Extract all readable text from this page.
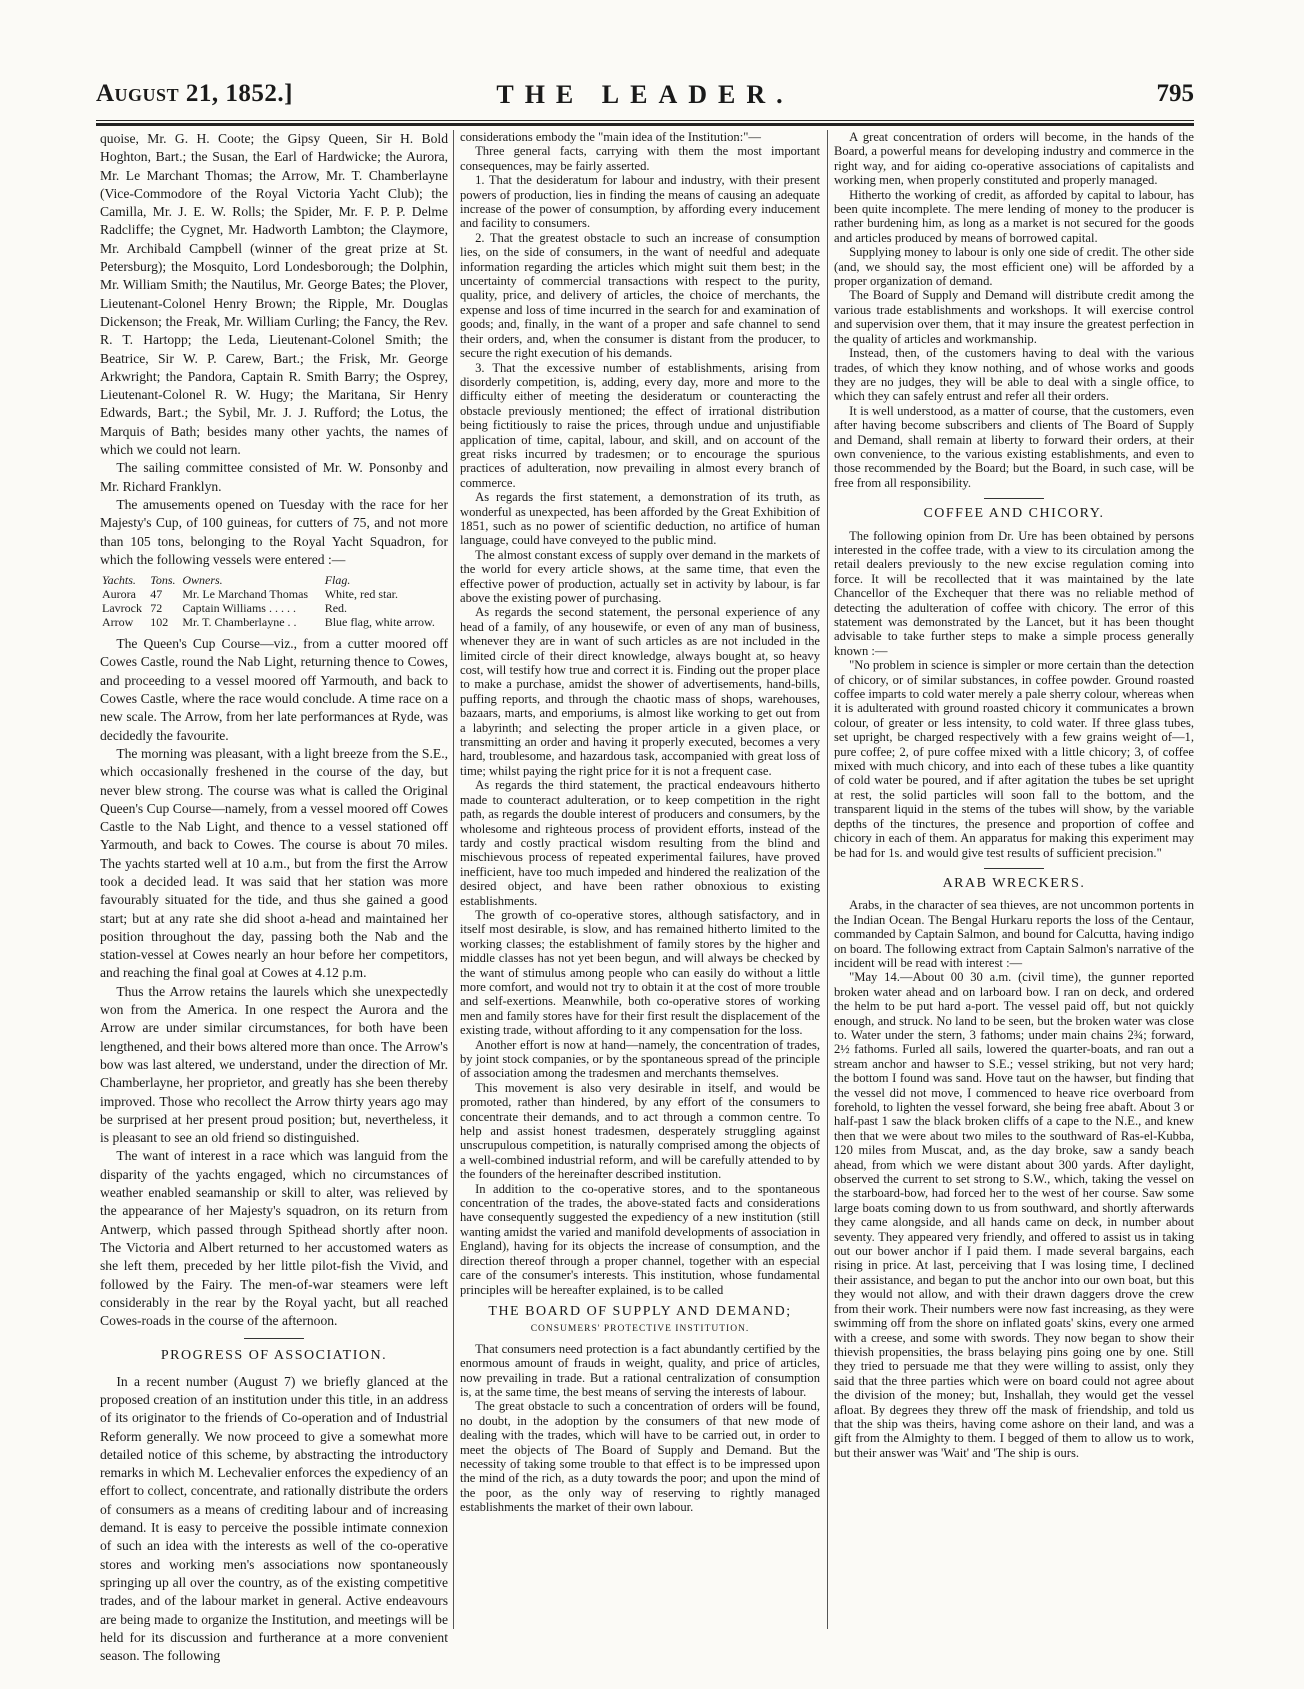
August 21, 1852.]	THE LEADER.	795

quoise, Mr. G. H. Coote; the Gipsy Queen, Sir H. Bold Hoghton, Bart.; the Susan, the Earl of Hardwicke; the Aurora, Mr. Le Marchant Thomas; the Arrow, Mr. T. Chamberlayne (Vice-Commodore of the Royal Victoria Yacht Club); the Camilla, Mr. J. E. W. Rolls; the Spider, Mr. F. P. P. Delme Radcliffe; the Cygnet, Mr. Hadworth Lambton; the Claymore, Mr. Archibald Campbell (winner of the great prize at St. Petersburg); the Mosquito, Lord Londesborough; the Dolphin, Mr. William Smith; the Nautilus, Mr. George Bates; the Plover, Lieutenant-Colonel Henry Brown; the Ripple, Mr. Douglas Dickenson; the Freak, Mr. William Curling; the Fancy, the Rev. R. T. Hartopp; the Leda, Lieutenant-Colonel Smith; the Beatrice, Sir W. P. Carew, Bart.; the Frisk, Mr. George Arkwright; the Pandora, Captain R. Smith Barry; the Osprey, Lieutenant-Colonel R. W. Hugy; the Maritana, Sir Henry Edwards, Bart.; the Sybil, Mr. J. J. Rufford; the Lotus, the Marquis of Bath; besides many other yachts, the names of which we could not learn.

The sailing committee consisted of Mr. W. Ponsonby and Mr. Richard Franklyn.

The amusements opened on Tuesday with the race for her Majesty's Cup, of 100 guineas, for cutters of 75, and not more than 105 tons, belonging to the Royal Yacht Squadron, for which the following vessels were entered :—

Yachts.	Tons.	Owners.	Flag.
Aurora	47	Mr. Le Marchand Thomas	White, red star.
Lavrock	72	Captain Williams . . . . .	Red.
Arrow	102	Mr. T. Chamberlayne . .	Blue flag, white arrow.

The Queen's Cup Course—viz., from a cutter moored off Cowes Castle, round the Nab Light, returning thence to Cowes, and proceeding to a vessel moored off Yarmouth, and back to Cowes Castle, where the race would conclude. A time race on a new scale. The Arrow, from her late performances at Ryde, was decidedly the favourite.

The morning was pleasant, with a light breeze from the S.E., which occasionally freshened in the course of the day, but never blew strong. The course was what is called the Original Queen's Cup Course—namely, from a vessel moored off Cowes Castle to the Nab Light, and thence to a vessel stationed off Yarmouth, and back to Cowes. The course is about 70 miles. The yachts started well at 10 a.m., but from the first the Arrow took a decided lead. It was said that her station was more favourably situated for the tide, and thus she gained a good start; but at any rate she did shoot a-head and maintained her position throughout the day, passing both the Nab and the station-vessel at Cowes nearly an hour before her competitors, and reaching the final goal at Cowes at 4.12 p.m.

Thus the Arrow retains the laurels which she unexpectedly won from the America. In one respect the Aurora and the Arrow are under similar circumstances, for both have been lengthened, and their bows altered more than once. The Arrow's bow was last altered, we understand, under the direction of Mr. Chamberlayne, her proprietor, and greatly has she been thereby improved. Those who recollect the Arrow thirty years ago may be surprised at her present proud position; but, nevertheless, it is pleasant to see an old friend so distinguished.

The want of interest in a race which was languid from the disparity of the yachts engaged, which no circumstances of weather enabled seamanship or skill to alter, was relieved by the appearance of her Majesty's squadron, on its return from Antwerp, which passed through Spithead shortly after noon. The Victoria and Albert returned to her accustomed waters as she left them, preceded by her little pilot-fish the Vivid, and followed by the Fairy. The men-of-war steamers were left considerably in the rear by the Royal yacht, but all reached Cowes-roads in the course of the afternoon.

PROGRESS OF ASSOCIATION.

In a recent number (August 7) we briefly glanced at the proposed creation of an institution under this title, in an address of its originator to the friends of Co-operation and of Industrial Reform generally. We now proceed to give a somewhat more detailed notice of this scheme, by abstracting the introductory remarks in which M. Lechevalier enforces the expediency of an effort to collect, concentrate, and rationally distribute the orders of consumers as a means of crediting labour and of increasing demand. It is easy to perceive the possible intimate connexion of such an idea with the interests as well of the co-operative stores and working men's associations now spontaneously springing up all over the country, as of the existing competitive trades, and of the labour market in general. Active endeavours are being made to organize the Institution, and meetings will be held for its discussion and furtherance at a more convenient season. The following

considerations embody the "main idea of the Institution:"—

Three general facts, carrying with them the most important consequences, may be fairly asserted.

1. That the desideratum for labour and industry, with their present powers of production, lies in finding the means of causing an adequate increase of the power of consumption, by affording every inducement and facility to consumers.

2. That the greatest obstacle to such an increase of consumption lies, on the side of consumers, in the want of needful and adequate information regarding the articles which might suit them best; in the uncertainty of commercial transactions with respect to the purity, quality, price, and delivery of articles, the choice of merchants, the expense and loss of time incurred in the search for and examination of goods; and, finally, in the want of a proper and safe channel to send their orders, and, when the consumer is distant from the producer, to secure the right execution of his demands.

3. That the excessive number of establishments, arising from disorderly competition, is, adding, every day, more and more to the difficulty either of meeting the desideratum or counteracting the obstacle previously mentioned; the effect of irrational distribution being fictitiously to raise the prices, through undue and unjustifiable application of time, capital, labour, and skill, and on account of the great risks incurred by tradesmen; or to encourage the spurious practices of adulteration, now prevailing in almost every branch of commerce.

As regards the first statement, a demonstration of its truth, as wonderful as unexpected, has been afforded by the Great Exhibition of 1851, such as no power of scientific deduction, no artifice of human language, could have conveyed to the public mind.

The almost constant excess of supply over demand in the markets of the world for every article shows, at the same time, that even the effective power of production, actually set in activity by labour, is far above the existing power of purchasing.

As regards the second statement, the personal experience of any head of a family, of any housewife, or even of any man of business, whenever they are in want of such articles as are not included in the limited circle of their direct knowledge, always bought at, so heavy cost, will testify how true and correct it is. Finding out the proper place to make a purchase, amidst the shower of advertisements, hand-bills, puffing reports, and through the chaotic mass of shops, warehouses, bazaars, marts, and emporiums, is almost like working to get out from a labyrinth; and selecting the proper article in a given place, or transmitting an order and having it properly executed, becomes a very hard, troublesome, and hazardous task, accompanied with great loss of time; whilst paying the right price for it is not a frequent case.

As regards the third statement, the practical endeavours hitherto made to counteract adulteration, or to keep competition in the right path, as regards the double interest of producers and consumers, by the wholesome and righteous process of provident efforts, instead of the tardy and costly practical wisdom resulting from the blind and mischievous process of repeated experimental failures, have proved inefficient, have too much impeded and hindered the realization of the desired object, and have been rather obnoxious to existing establishments.

The growth of co-operative stores, although satisfactory, and in itself most desirable, is slow, and has remained hitherto limited to the working classes; the establishment of family stores by the higher and middle classes has not yet been begun, and will always be checked by the want of stimulus among people who can easily do without a little more comfort, and would not try to obtain it at the cost of more trouble and self-exertions. Meanwhile, both co-operative stores of working men and family stores have for their first result the displacement of the existing trade, without affording to it any compensation for the loss.

Another effort is now at hand—namely, the concentration of trades, by joint stock companies, or by the spontaneous spread of the principle of association among the tradesmen and merchants themselves.

This movement is also very desirable in itself, and would be promoted, rather than hindered, by any effort of the consumers to concentrate their demands, and to act through a common centre. To help and assist honest tradesmen, desperately struggling against unscrupulous competition, is naturally comprised among the objects of a well-combined industrial reform, and will be carefully attended to by the founders of the hereinafter described institution.

In addition to the co-operative stores, and to the spontaneous concentration of the trades, the above-stated facts and considerations have consequently suggested the expediency of a new institution (still wanting amidst the varied and manifold developments of association in England), having for its objects the increase of consumption, and the direction thereof through a proper channel, together with an especial care of the consumer's interests. This institution, whose fundamental principles will be hereafter explained, is to be called

THE BOARD OF SUPPLY AND DEMAND;
CONSUMERS' PROTECTIVE INSTITUTION.

That consumers need protection is a fact abundantly certified by the enormous amount of frauds in weight, quality, and price of articles, now prevailing in trade. But a rational centralization of consumption is, at the same time, the best means of serving the interests of labour.

The great obstacle to such a concentration of orders will be found, no doubt, in the adoption by the consumers of that new mode of dealing with the trades, which will have to be carried out, in order to meet the objects of The Board of Supply and Demand. But the necessity of taking some trouble to that effect is to be impressed upon the mind of the rich, as a duty towards the poor; and upon the mind of the poor, as the only way of reserving to rightly managed establishments the market of their own labour.

A great concentration of orders will become, in the hands of the Board, a powerful means for developing industry and commerce in the right way, and for aiding co-operative associations of capitalists and working men, when properly constituted and properly managed.

Hitherto the working of credit, as afforded by capital to labour, has been quite incomplete. The mere lending of money to the producer is rather burdening him, as long as a market is not secured for the goods and articles produced by means of borrowed capital.

Supplying money to labour is only one side of credit. The other side (and, we should say, the most efficient one) will be afforded by a proper organization of demand.

The Board of Supply and Demand will distribute credit among the various trade establishments and workshops. It will exercise control and supervision over them, that it may insure the greatest perfection in the quality of articles and workmanship.

Instead, then, of the customers having to deal with the various trades, of which they know nothing, and of whose works and goods they are no judges, they will be able to deal with a single office, to which they can safely entrust and refer all their orders.

It is well understood, as a matter of course, that the customers, even after having become subscribers and clients of The Board of Supply and Demand, shall remain at liberty to forward their orders, at their own convenience, to the various existing establishments, and even to those recommended by the Board; but the Board, in such case, will be free from all responsibility.

COFFEE AND CHICORY.

The following opinion from Dr. Ure has been obtained by persons interested in the coffee trade, with a view to its circulation among the retail dealers previously to the new excise regulation coming into force. It will be recollected that it was maintained by the late Chancellor of the Exchequer that there was no reliable method of detecting the adulteration of coffee with chicory. The error of this statement was demonstrated by the Lancet, but it has been thought advisable to take further steps to make a simple process generally known :—

"No problem in science is simpler or more certain than the detection of chicory, or of similar substances, in coffee powder. Ground roasted coffee imparts to cold water merely a pale sherry colour, whereas when it is adulterated with ground roasted chicory it communicates a brown colour, of greater or less intensity, to cold water. If three glass tubes, set upright, be charged respectively with a few grains weight of—1, pure coffee; 2, of pure coffee mixed with a little chicory; 3, of coffee mixed with much chicory, and into each of these tubes a like quantity of cold water be poured, and if after agitation the tubes be set upright at rest, the solid particles will soon fall to the bottom, and the transparent liquid in the stems of the tubes will show, by the variable depths of the tinctures, the presence and proportion of coffee and chicory in each of them. An apparatus for making this experiment may be had for 1s. and would give test results of sufficient precision."

ARAB WRECKERS.

Arabs, in the character of sea thieves, are not uncommon portents in the Indian Ocean. The Bengal Hurkaru reports the loss of the Centaur, commanded by Captain Salmon, and bound for Calcutta, having indigo on board. The following extract from Captain Salmon's narrative of the incident will be read with interest :—

"May 14.—About 00 30 a.m. (civil time), the gunner reported broken water ahead and on larboard bow. I ran on deck, and ordered the helm to be put hard a-port. The vessel paid off, but not quickly enough, and struck. No land to be seen, but the broken water was close to. Water under the stern, 3 fathoms; under main chains 2¾; forward, 2½ fathoms. Furled all sails, lowered the quarter-boats, and ran out a stream anchor and hawser to S.E.; vessel striking, but not very hard; the bottom I found was sand. Hove taut on the hawser, but finding that the vessel did not move, I commenced to heave rice overboard from forehold, to lighten the vessel forward, she being free abaft. About 3 or half-past 1 saw the black broken cliffs of a cape to the N.E., and knew then that we were about two miles to the southward of Ras-el-Kubba, 120 miles from Muscat, and, as the day broke, saw a sandy beach ahead, from which we were distant about 300 yards. After daylight, observed the current to set strong to S.W., which, taking the vessel on the starboard-bow, had forced her to the west of her course. Saw some large boats coming down to us from southward, and shortly afterwards they came alongside, and all hands came on deck, in number about seventy. They appeared very friendly, and offered to assist us in taking out our bower anchor if I paid them. I made several bargains, each rising in price. At last, perceiving that I was losing time, I declined their assistance, and began to put the anchor into our own boat, but this they would not allow, and with their drawn daggers drove the crew from their work. Their numbers were now fast increasing, as they were swimming off from the shore on inflated goats' skins, every one armed with a creese, and some with swords. They now began to show their thievish propensities, the brass belaying pins going one by one. Still they tried to persuade me that they were willing to assist, only they said that the three parties which were on board could not agree about the division of the money; but, Inshallah, they would get the vessel afloat. By degrees they threw off the mask of friendship, and told us that the ship was theirs, having come ashore on their land, and was a gift from the Almighty to them. I begged of them to allow us to work, but their answer was 'Wait' and 'The ship is ours.
